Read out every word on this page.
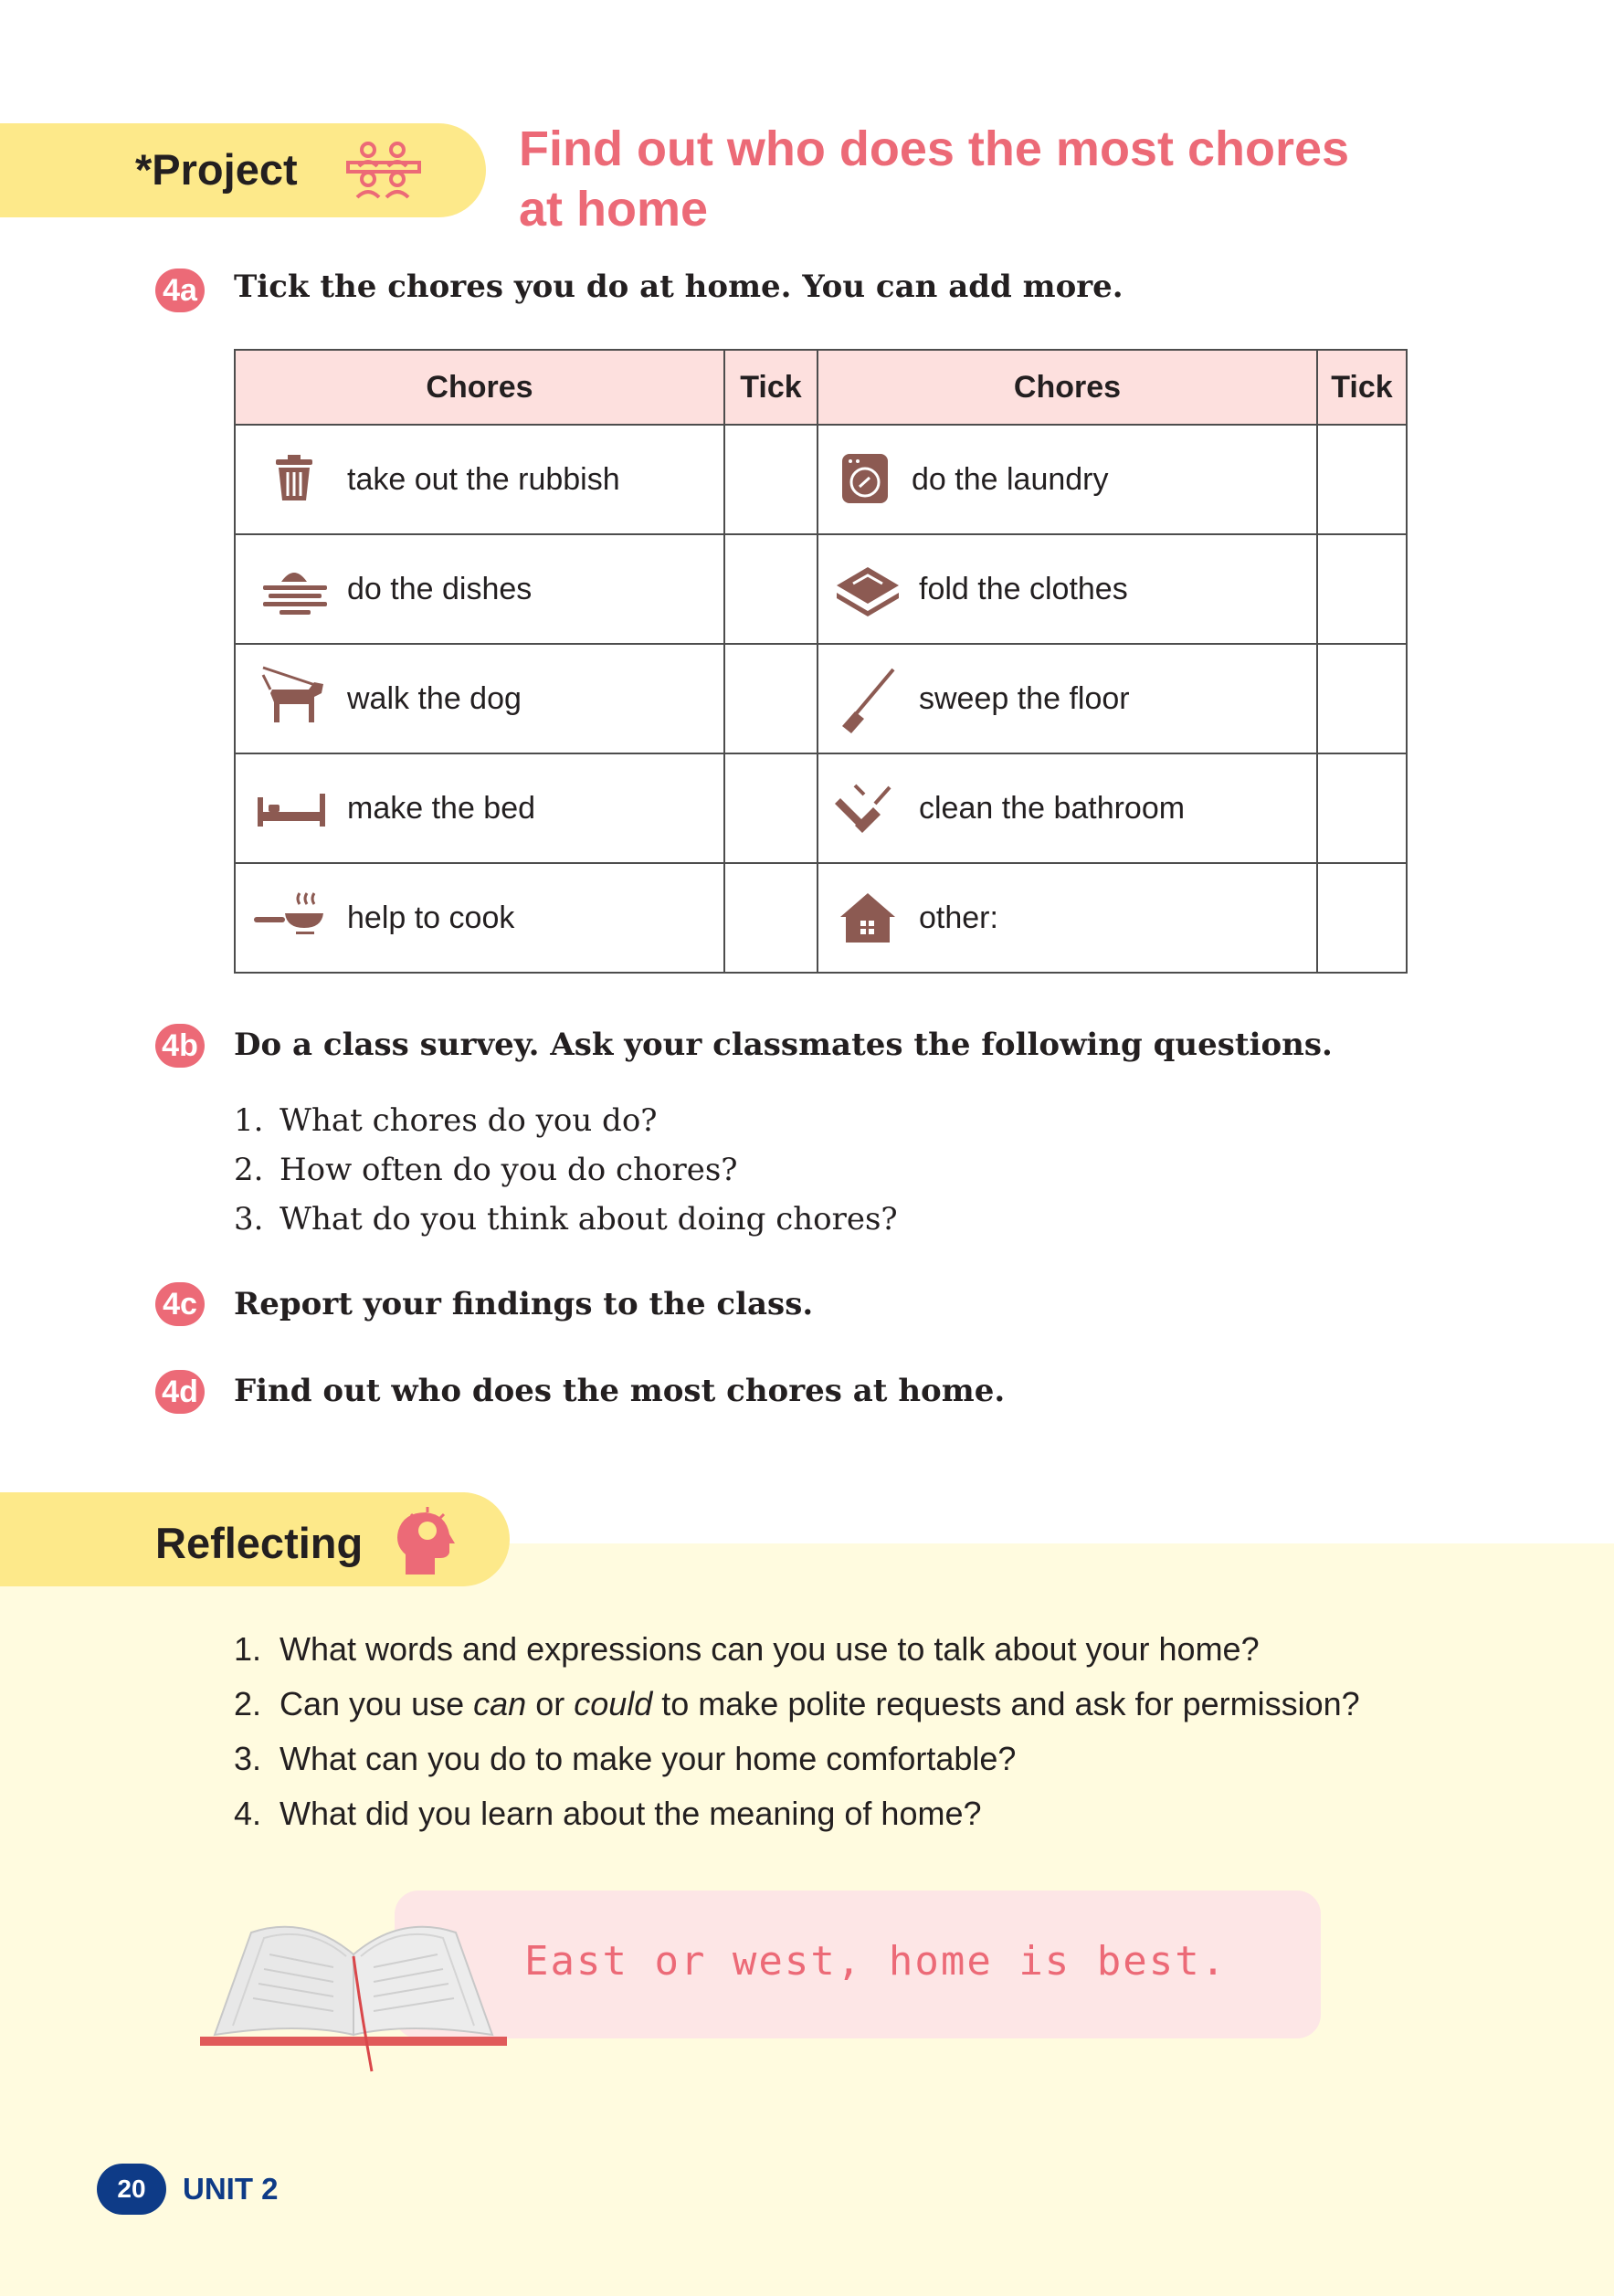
*Project	Find out who does the most chores
at home
4a Tick the chores you do at home. You can add more.
Chores	Tick	Chores	Tick

take out the rubbish		do the laundry	

do the dishes		fold the clothes	

walk the dog		sweep the floor	

make the bed		clean the bathroom	

help to cook		other:	

4b Do a class survey. Ask your classmates the following questions.
1. What chores do you do?
2. How often do you do chores?
3. What do you think about doing chores?
4c Report your findings to the class.
4d Find out who does the most chores at home.
Reflecting
1. What words and expressions can you use to talk about your home?
2. Can you use can or could to make polite requests and ask for permission?
3. What can you do to make your home comfortable?
4. What did you learn about the meaning of home?
East or west, home is best.
20	UNIT 2
